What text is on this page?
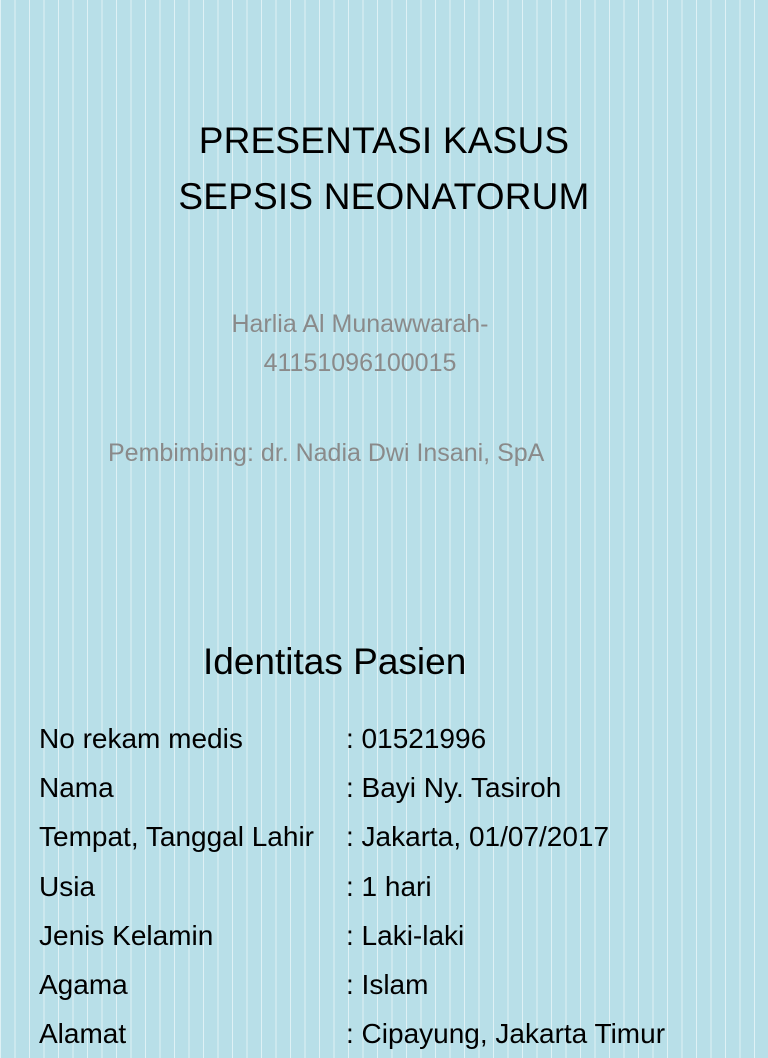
PRESENTASI KASUS
SEPSIS NEONATORUM
Harlia Al Munawwarah-
41151096100015
Pembimbing: dr. Nadia Dwi Insani, SpA
Identitas Pasien
No rekam medis	: 01521996
Nama	: Bayi Ny. Tasiroh
Tempat, Tanggal Lahir : Jakarta, 01/07/2017
Usia	: 1 hari
Jenis Kelamin	: Laki-laki
Agama	: Islam
Alamat	: Cipayung, Jakarta Timur
